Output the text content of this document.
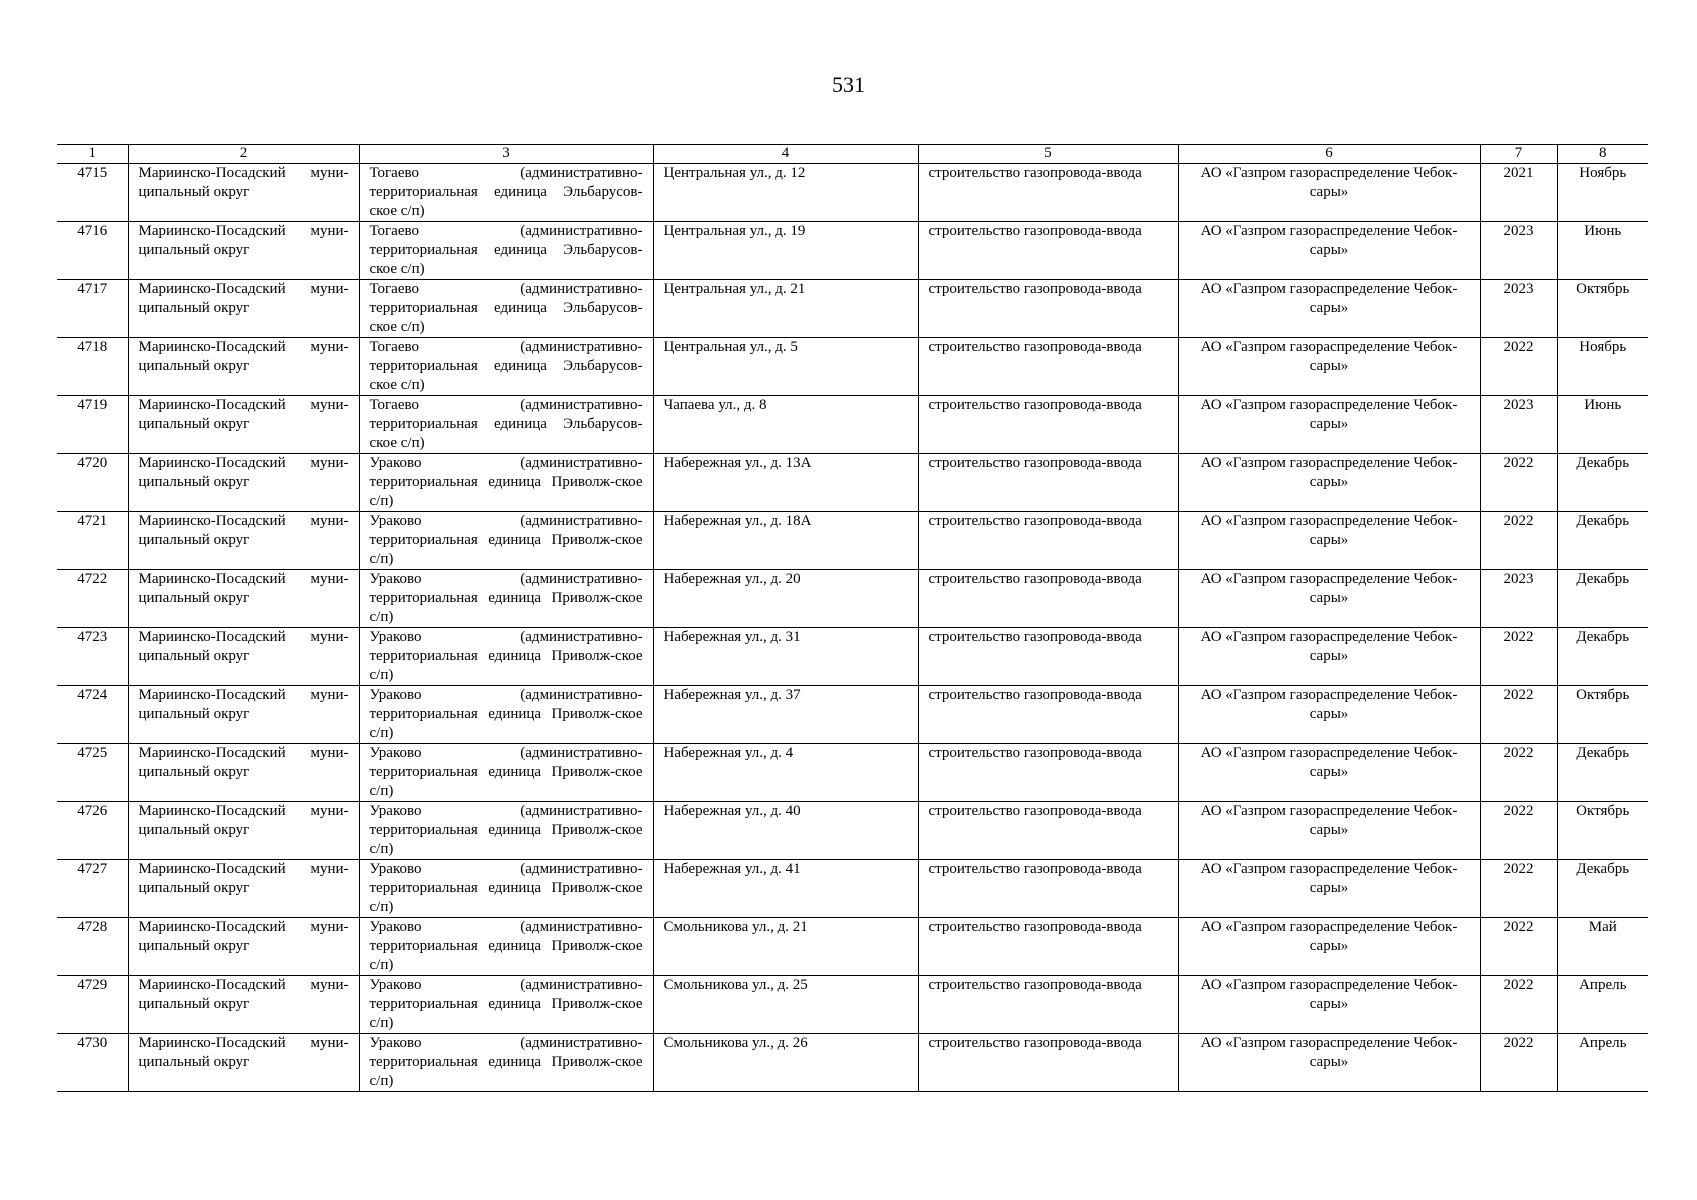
531
1	2	3	4	5	6	7	8
4715	Мариинско-Посадский муни-ципальный округ	Тогаево (административно-территориальная единица Эльбарусов-ское с/п)	Центральная ул., д. 12	строительство газопровода-ввода	АО «Газпром газораспределение Чебок-сары»	2021	Ноябрь
4716	Мариинско-Посадский муни-ципальный округ	Тогаево (административно-территориальная единица Эльбарусов-ское с/п)	Центральная ул., д. 19	строительство газопровода-ввода	АО «Газпром газораспределение Чебок-сары»	2023	Июнь
4717	Мариинско-Посадский муни-ципальный округ	Тогаево (административно-территориальная единица Эльбарусов-ское с/п)	Центральная ул., д. 21	строительство газопровода-ввода	АО «Газпром газораспределение Чебок-сары»	2023	Октябрь
4718	Мариинско-Посадский муни-ципальный округ	Тогаево (административно-территориальная единица Эльбарусов-ское с/п)	Центральная ул., д. 5	строительство газопровода-ввода	АО «Газпром газораспределение Чебок-сары»	2022	Ноябрь
4719	Мариинско-Посадский муни-ципальный округ	Тогаево (административно-территориальная единица Эльбарусов-ское с/п)	Чапаева ул., д. 8	строительство газопровода-ввода	АО «Газпром газораспределение Чебок-сары»	2023	Июнь
4720	Мариинско-Посадский муни-ципальный округ	Ураково (административно-территориальная единица Приволж-ское с/п)	Набережная ул., д. 13А	строительство газопровода-ввода	АО «Газпром газораспределение Чебок-сары»	2022	Декабрь
4721	Мариинско-Посадский муни-ципальный округ	Ураково (административно-территориальная единица Приволж-ское с/п)	Набережная ул., д. 18А	строительство газопровода-ввода	АО «Газпром газораспределение Чебок-сары»	2022	Декабрь
4722	Мариинско-Посадский муни-ципальный округ	Ураково (административно-территориальная единица Приволж-ское с/п)	Набережная ул., д. 20	строительство газопровода-ввода	АО «Газпром газораспределение Чебок-сары»	2023	Декабрь
4723	Мариинско-Посадский муни-ципальный округ	Ураково (административно-территориальная единица Приволж-ское с/п)	Набережная ул., д. 31	строительство газопровода-ввода	АО «Газпром газораспределение Чебок-сары»	2022	Декабрь
4724	Мариинско-Посадский муни-ципальный округ	Ураково (административно-территориальная единица Приволж-ское с/п)	Набережная ул., д. 37	строительство газопровода-ввода	АО «Газпром газораспределение Чебок-сары»	2022	Октябрь
4725	Мариинско-Посадский муни-ципальный округ	Ураково (административно-территориальная единица Приволж-ское с/п)	Набережная ул., д. 4	строительство газопровода-ввода	АО «Газпром газораспределение Чебок-сары»	2022	Декабрь
4726	Мариинско-Посадский муни-ципальный округ	Ураково (административно-территориальная единица Приволж-ское с/п)	Набережная ул., д. 40	строительство газопровода-ввода	АО «Газпром газораспределение Чебок-сары»	2022	Октябрь
4727	Мариинско-Посадский муни-ципальный округ	Ураково (административно-территориальная единица Приволж-ское с/п)	Набережная ул., д. 41	строительство газопровода-ввода	АО «Газпром газораспределение Чебок-сары»	2022	Декабрь
4728	Мариинско-Посадский муни-ципальный округ	Ураково (административно-территориальная единица Приволж-ское с/п)	Смольникова ул., д. 21	строительство газопровода-ввода	АО «Газпром газораспределение Чебок-сары»	2022	Май
4729	Мариинско-Посадский муни-ципальный округ	Ураково (административно-территориальная единица Приволж-ское с/п)	Смольникова ул., д. 25	строительство газопровода-ввода	АО «Газпром газораспределение Чебок-сары»	2022	Апрель
4730	Мариинско-Посадский муни-ципальный округ	Ураково (административно-территориальная единица Приволж-ское с/п)	Смольникова ул., д. 26	строительство газопровода-ввода	АО «Газпром газораспределение Чебок-сары»	2022	Апрель
